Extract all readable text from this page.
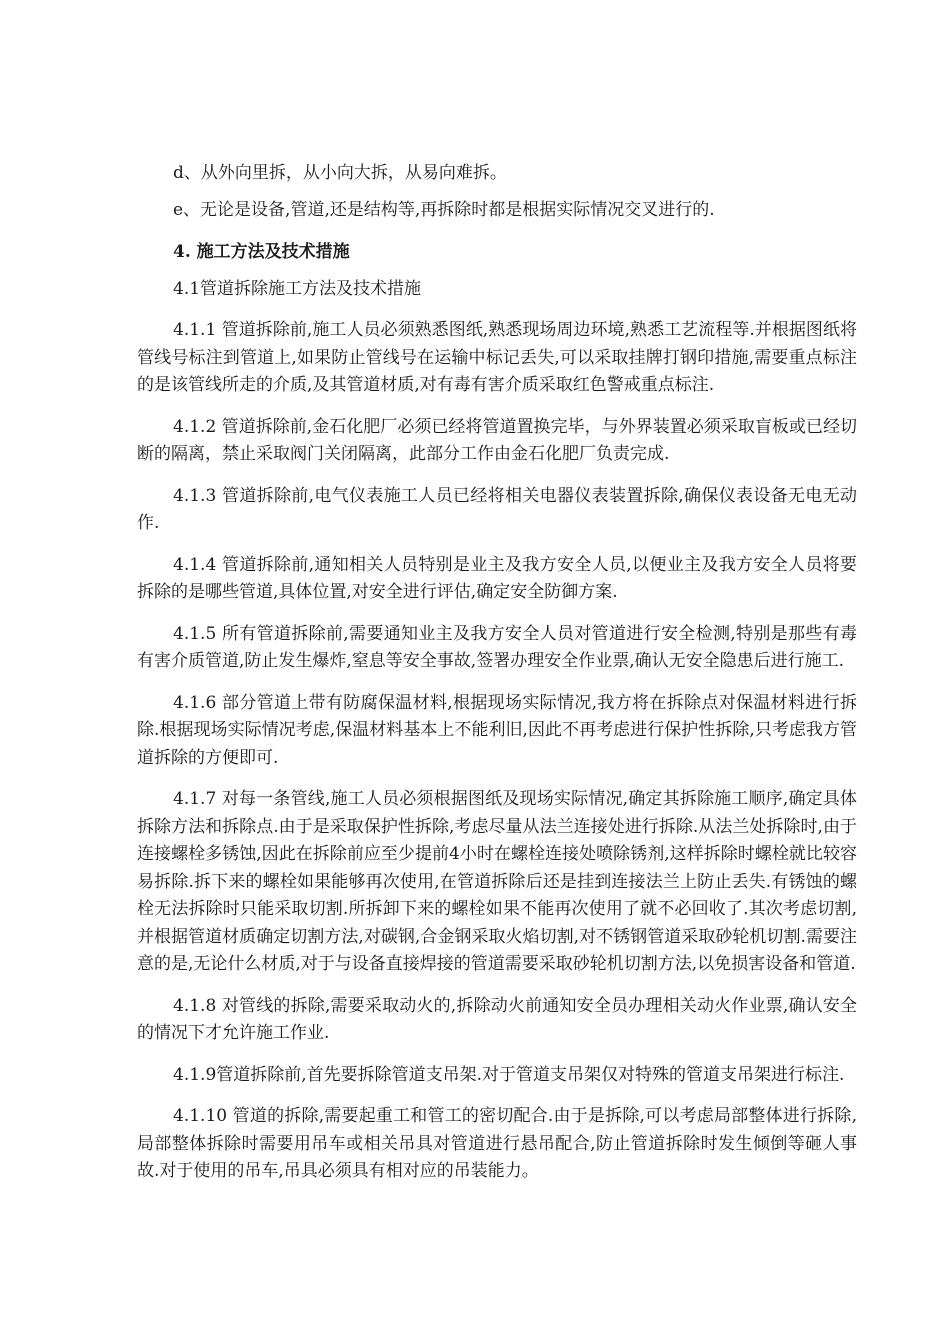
d、从外向里拆，从小向大拆，从易向难拆。

e、无论是设备,管道,还是结构等,再拆除时都是根据实际情况交叉进行的.

4. 施工方法及技术措施

4.1管道拆除施工方法及技术措施

4.1.1 管道拆除前,施工人员必须熟悉图纸,熟悉现场周边环境,熟悉工艺流程等.并根据图纸将管线号标注到管道上,如果防止管线号在运输中标记丢失,可以采取挂牌打钢印措施,需要重点标注的是该管线所走的介质,及其管道材质,对有毒有害介质采取红色警戒重点标注.

4.1.2 管道拆除前,金石化肥厂必须已经将管道置换完毕，与外界装置必须采取盲板或已经切断的隔离，禁止采取阀门关闭隔离，此部分工作由金石化肥厂负责完成.

4.1.3 管道拆除前,电气仪表施工人员已经将相关电器仪表装置拆除,确保仪表设备无电无动作.

4.1.4 管道拆除前,通知相关人员特别是业主及我方安全人员,以便业主及我方安全人员将要拆除的是哪些管道,具体位置,对安全进行评估,确定安全防御方案.

4.1.5 所有管道拆除前,需要通知业主及我方安全人员对管道进行安全检测,特别是那些有毒有害介质管道,防止发生爆炸,窒息等安全事故,签署办理安全作业票,确认无安全隐患后进行施工.

4.1.6 部分管道上带有防腐保温材料,根据现场实际情况,我方将在拆除点对保温材料进行拆除.根据现场实际情况考虑,保温材料基本上不能利旧,因此不再考虑进行保护性拆除,只考虑我方管道拆除的方便即可.

4.1.7 对每一条管线,施工人员必须根据图纸及现场实际情况,确定其拆除施工顺序,确定具体拆除方法和拆除点.由于是采取保护性拆除,考虑尽量从法兰连接处进行拆除.从法兰处拆除时,由于连接螺栓多锈蚀,因此在拆除前应至少提前4小时在螺栓连接处喷除锈剂,这样拆除时螺栓就比较容易拆除.拆下来的螺栓如果能够再次使用,在管道拆除后还是挂到连接法兰上防止丢失.有锈蚀的螺栓无法拆除时只能采取切割.所拆卸下来的螺栓如果不能再次使用了就不必回收了.其次考虑切割,并根据管道材质确定切割方法,对碳钢,合金钢采取火焰切割,对不锈钢管道采取砂轮机切割.需要注意的是,无论什么材质,对于与设备直接焊接的管道需要采取砂轮机切割方法,以免损害设备和管道.

4.1.8 对管线的拆除,需要采取动火的,拆除动火前通知安全员办理相关动火作业票,确认安全的情况下才允许施工作业.

4.1.9管道拆除前,首先要拆除管道支吊架.对于管道支吊架仅对特殊的管道支吊架进行标注.

4.1.10 管道的拆除,需要起重工和管工的密切配合.由于是拆除,可以考虑局部整体进行拆除,局部整体拆除时需要用吊车或相关吊具对管道进行悬吊配合,防止管道拆除时发生倾倒等砸人事故.对于使用的吊车,吊具必须具有相对应的吊装能力。
